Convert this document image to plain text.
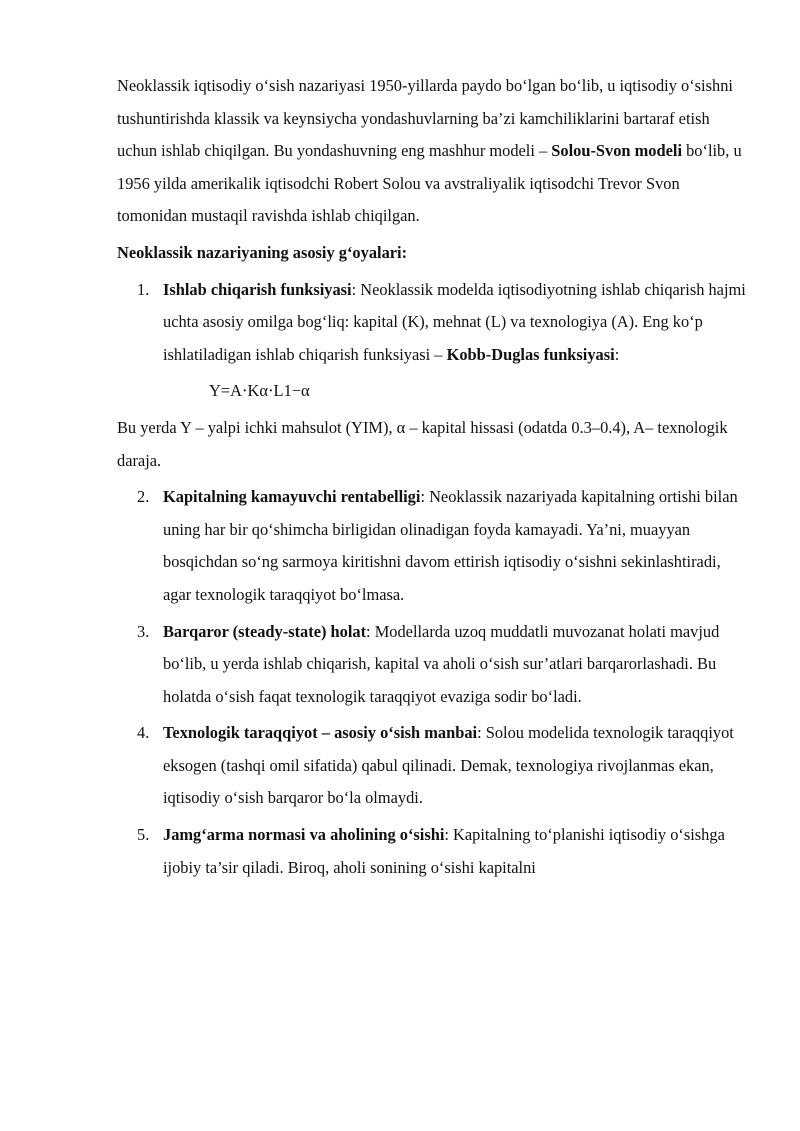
Neoklassik iqtisodiy o‘sish nazariyasi 1950-yillarda paydo bo‘lgan bo‘lib, u iqtisodiy o‘sishni tushuntirishda klassik va keynsiycha yondashuvlarning ba’zi kamchiliklarini bartaraf etish uchun ishlab chiqilgan. Bu yondashuvning eng mashhur modeli – Solou-Svon modeli bo‘lib, u 1956 yilda amerikalik iqtisodchi Robert Solou va avstraliyalik iqtisodchi Trevor Svon tomonidan mustaqil ravishda ishlab chiqilgan.

Neoklassik nazariyaning asosiy g‘oyalari:

1. Ishlab chiqarish funksiyasi: Neoklassik modelda iqtisodiyotning ishlab chiqarish hajmi uchta asosiy omilga bog‘liq: kapital (K), mehnat (L) va texnologiya (A). Eng ko‘p ishlatiladigan ishlab chiqarish funksiyasi – Kobb-Duglas funksiyasi:

Y=A⋅Kα⋅L1−α

Bu yerda Y – yalpi ichki mahsulot (YIM), α – kapital hissasi (odatda 0.3–0.4), A– texnologik daraja.

2. Kapitalning kamayuvchi rentabelligi: Neoklassik nazariyada kapitalning ortishi bilan uning har bir qo‘shimcha birligidan olinadigan foyda kamayadi. Ya’ni, muayyan bosqichdan so‘ng sarmoya kiritishni davom ettirish iqtisodiy o‘sishni sekinlashtiradi, agar texnologik taraqqiyot bo‘lmasa.

3. Barqaror (steady-state) holat: Modellarda uzoq muddatli muvozanat holati mavjud bo‘lib, u yerda ishlab chiqarish, kapital va aholi o‘sish sur’atlari barqarorlashadi. Bu holatda o‘sish faqat texnologik taraqqiyot evaziga sodir bo‘ladi.

4. Texnologik taraqqiyot – asosiy o‘sish manbai: Solou modelida texnologik taraqqiyot eksogen (tashqi omil sifatida) qabul qilinadi. Demak, texnologiya rivojlanmas ekan, iqtisodiy o‘sish barqaror bo‘la olmaydi.

5. Jamg‘arma normasi va aholining o‘sishi: Kapitalning to‘planishi iqtisodiy o‘sishga ijobiy ta’sir qiladi. Biroq, aholi sonining o‘sishi kapitalni
